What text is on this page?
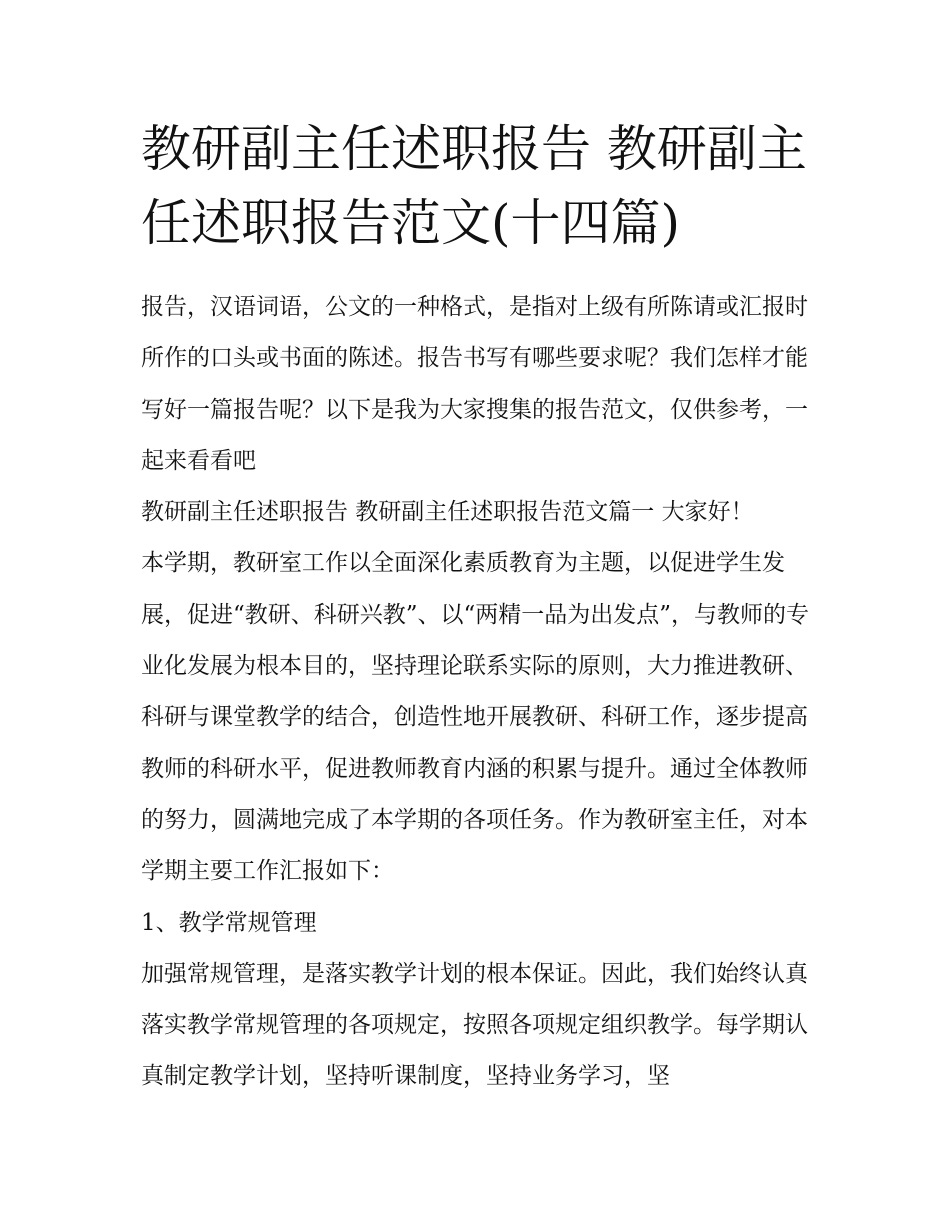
教研副主任述职报告 教研副主任述职报告范文(十四篇)

报告，汉语词语，公文的一种格式，是指对上级有所陈请或汇报时所作的口头或书面的陈述。报告书写有哪些要求呢？我们怎样才能写好一篇报告呢？以下是我为大家搜集的报告范文，仅供参考，一起来看看吧

教研副主任述职报告 教研副主任述职报告范文篇一 大家好！

本学期，教研室工作以全面深化素质教育为主题，以促进学生发展，促进“教研、科研兴教”、以“两精一品为出发点”，与教师的专业化发展为根本目的，坚持理论联系实际的原则，大力推进教研、科研与课堂教学的结合，创造性地开展教研、科研工作，逐步提高教师的科研水平，促进教师教育内涵的积累与提升。通过全体教师的努力，圆满地完成了本学期的各项任务。作为教研室主任，对本学期主要工作汇报如下：

1、教学常规管理

加强常规管理，是落实教学计划的根本保证。因此，我们始终认真落实教学常规管理的各项规定，按照各项规定组织教学。每学期认真制定教学计划，坚持听课制度，坚持业务学习，坚
